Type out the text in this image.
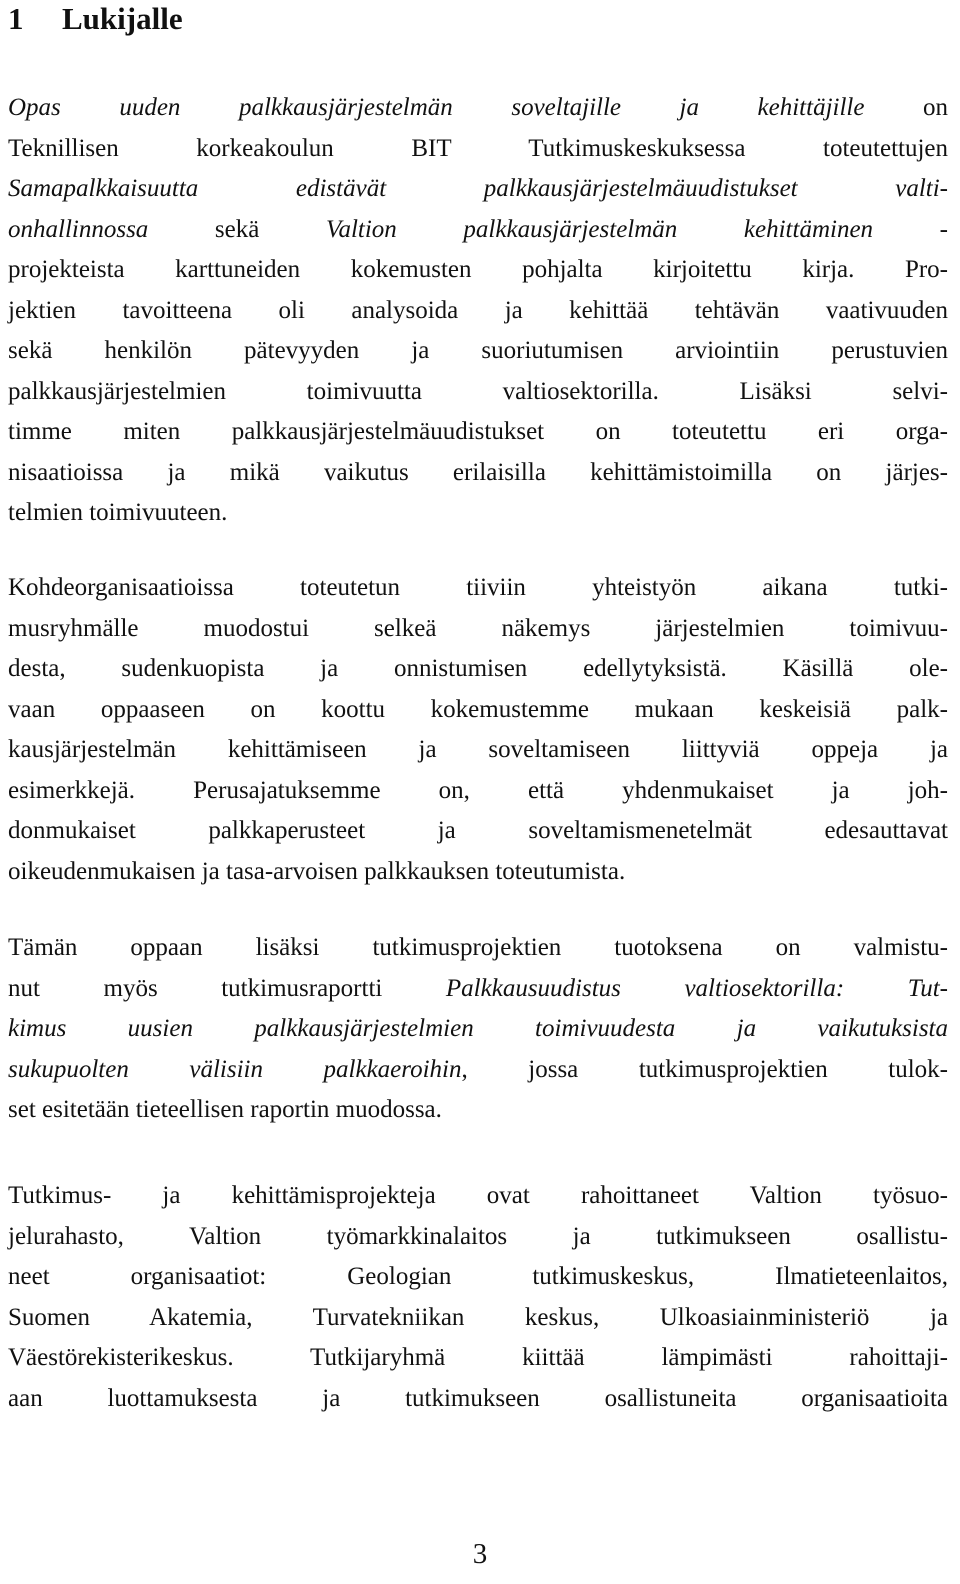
1 Lukijalle
Opas uuden palkkausjärjestelmän soveltajille ja kehittäjille on
Teknillisen korkeakoulun BIT Tutkimuskeskuksessa toteutettujen
Samapalkkaisuutta edistävät palkkausjärjestelmäuudistukset valti-
onhallinnossa sekä Valtion palkkausjärjestelmän kehittäminen -
projekteista karttuneiden kokemusten pohjalta kirjoitettu kirja. Pro-
jektien tavoitteena oli analysoida ja kehittää tehtävän vaativuuden
sekä henkilön pätevyyden ja suoriutumisen arviointiin perustuvien
palkkausjärjestelmien toimivuutta valtiosektorilla. Lisäksi selvi-
timme miten palkkausjärjestelmäuudistukset on toteutettu eri orga-
nisaatioissa ja mikä vaikutus erilaisilla kehittämistoimilla on järjes-
telmien toimivuuteen.
Kohdeorganisaatioissa toteutetun tiiviin yhteistyön aikana tutki-
musryhmälle muodostui selkeä näkemys järjestelmien toimivuu-
desta, sudenkuopista ja onnistumisen edellytyksistä. Käsillä ole-
vaan oppaaseen on koottu kokemustemme mukaan keskeisiä palk-
kausjärjestelmän kehittämiseen ja soveltamiseen liittyviä oppeja ja
esimerkkejä. Perusajatuksemme on, että yhdenmukaiset ja joh-
donmukaiset palkkaperusteet ja soveltamismenetelmät edesauttavat
oikeudenmukaisen ja tasa-arvoisen palkkauksen toteutumista.
Tämän oppaan lisäksi tutkimusprojektien tuotoksena on valmistu-
nut myös tutkimusraportti Palkkausuudistus valtiosektorilla: Tut-
kimus uusien palkkausjärjestelmien toimivuudesta ja vaikutuksista
sukupuolten välisiin palkkaeroihin, jossa tutkimusprojektien tulok-
set esitetään tieteellisen raportin muodossa.
Tutkimus- ja kehittämisprojekteja ovat rahoittaneet Valtion työsuo-
jelurahasto, Valtion työmarkkinalaitos ja tutkimukseen osallistu-
neet organisaatiot: Geologian tutkimuskeskus, Ilmatieteenlaitos,
Suomen Akatemia, Turvatekniikan keskus, Ulkoasiainministeriö ja
Väestörekisterikeskus. Tutkijaryhmä kiittää lämpimästi rahoittaji-
aan luottamuksesta ja tutkimukseen osallistuneita organisaatioita
3
